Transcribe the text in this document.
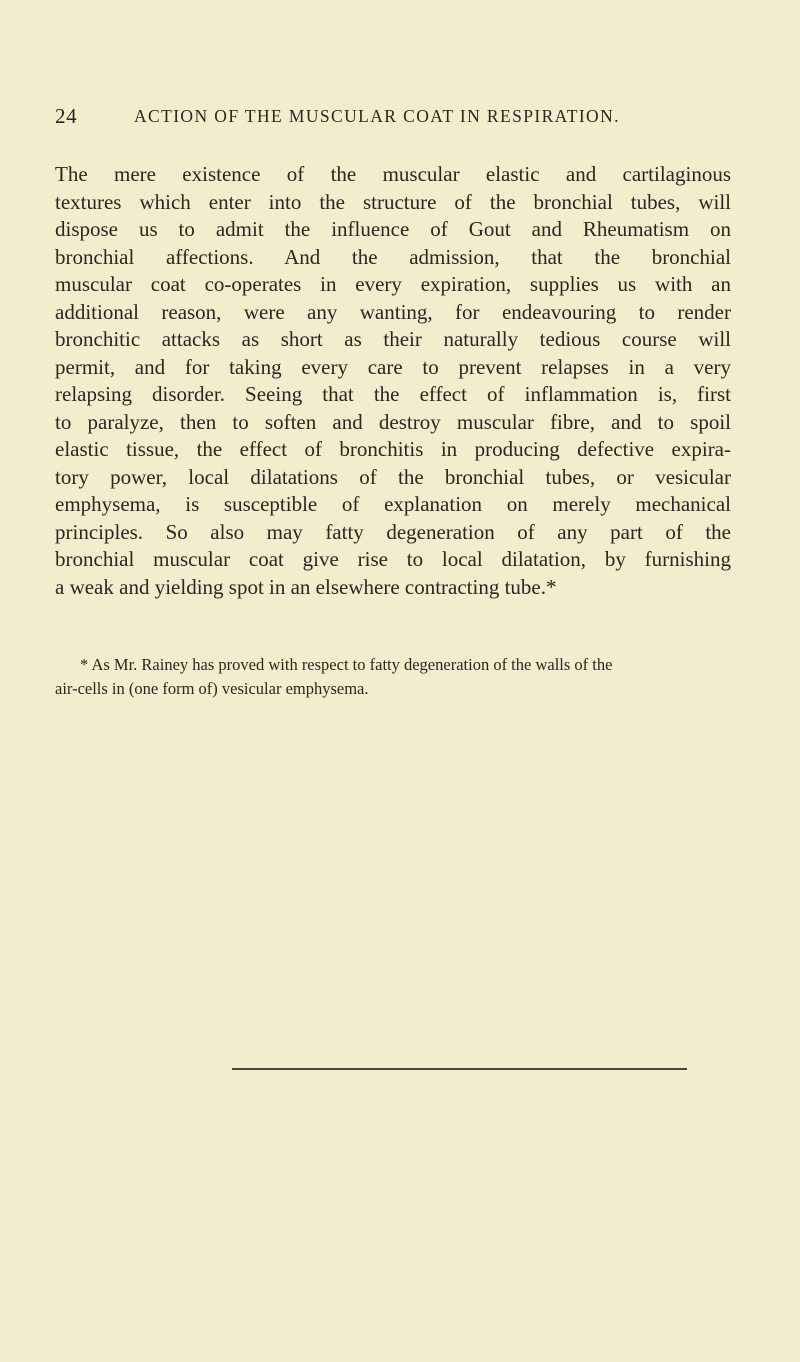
24	ACTION OF THE MUSCULAR COAT IN RESPIRATION.
The mere existence of the muscular elastic and cartilaginous
textures which enter into the structure of the bronchial tubes, will
dispose us to admit the influence of Gout and Rheumatism on
bronchial affections. And the admission, that the bronchial
muscular coat co-operates in every expiration, supplies us with an
additional reason, were any wanting, for endeavouring to render
bronchitic attacks as short as their naturally tedious course will
permit, and for taking every care to prevent relapses in a very
relapsing disorder. Seeing that the effect of inflammation is, first
to paralyze, then to soften and destroy muscular fibre, and to spoil
elastic tissue, the effect of bronchitis in producing defective expira-
tory power, local dilatations of the bronchial tubes, or vesicular
emphysema, is susceptible of explanation on merely mechanical
principles. So also may fatty degeneration of any part of the
bronchial muscular coat give rise to local dilatation, by furnishing
a weak and yielding spot in an elsewhere contracting tube.*
* As Mr. Rainey has proved with respect to fatty degeneration of the walls of the
air-cells in (one form of) vesicular emphysema.
